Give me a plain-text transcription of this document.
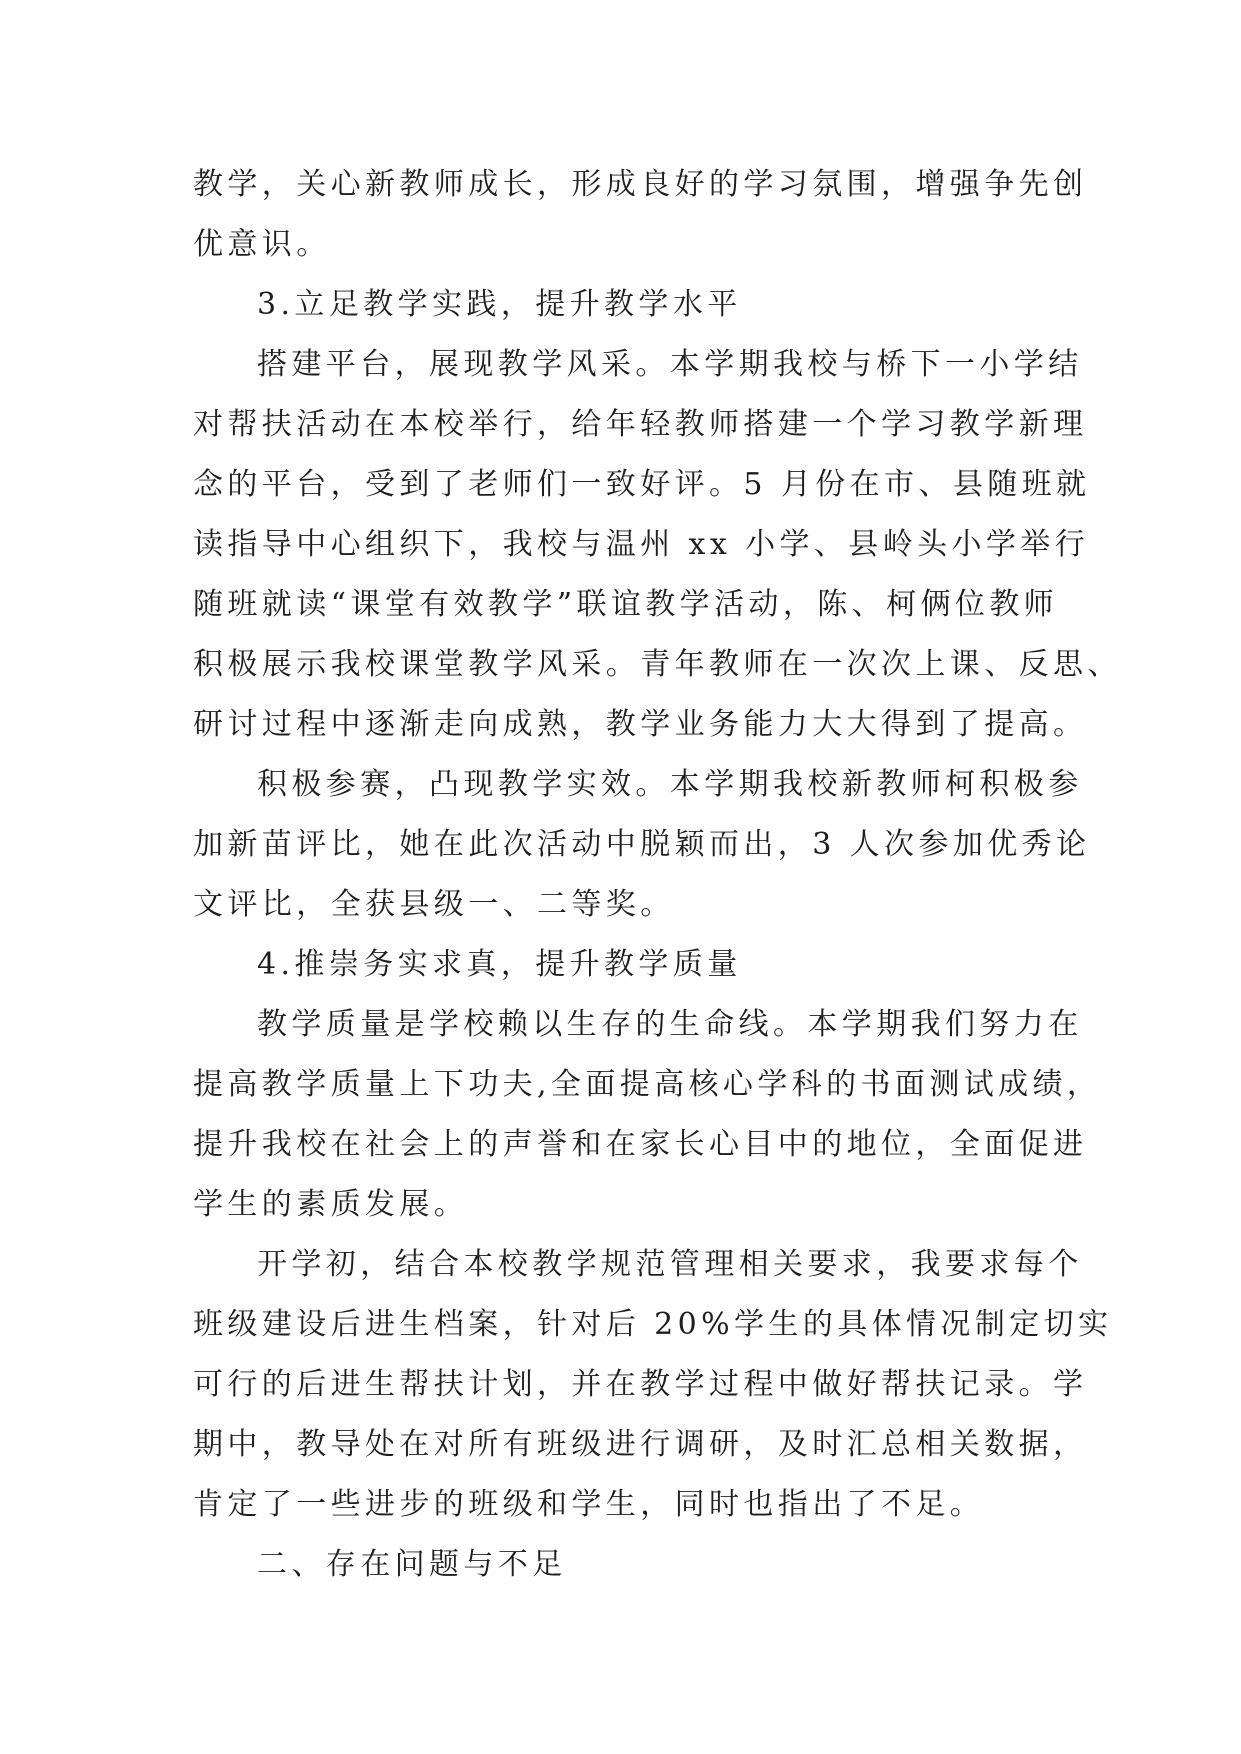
教学，关心新教师成长，形成良好的学习氛围，增强争先创
优意识。
3.立足教学实践，提升教学水平
搭建平台，展现教学风采。本学期我校与桥下一小学结
对帮扶活动在本校举行，给年轻教师搭建一个学习教学新理
念的平台，受到了老师们一致好评。5 月份在市、县随班就
读指导中心组织下，我校与温州 xx 小学、县岭头小学举行
随班就读“课堂有效教学”联谊教学活动，陈、柯俩位教师
积极展示我校课堂教学风采。青年教师在一次次上课、反思、
研讨过程中逐渐走向成熟，教学业务能力大大得到了提高。
积极参赛，凸现教学实效。本学期我校新教师柯积极参
加新苗评比，她在此次活动中脱颖而出，3 人次参加优秀论
文评比，全获县级一、二等奖。
4.推崇务实求真，提升教学质量
教学质量是学校赖以生存的生命线。本学期我们努力在
提高教学质量上下功夫,全面提高核心学科的书面测试成绩，
提升我校在社会上的声誉和在家长心目中的地位，全面促进
学生的素质发展。
开学初，结合本校教学规范管理相关要求，我要求每个
班级建设后进生档案，针对后 20%学生的具体情况制定切实
可行的后进生帮扶计划，并在教学过程中做好帮扶记录。学
期中，教导处在对所有班级进行调研，及时汇总相关数据，
肯定了一些进步的班级和学生，同时也指出了不足。
二、存在问题与不足
